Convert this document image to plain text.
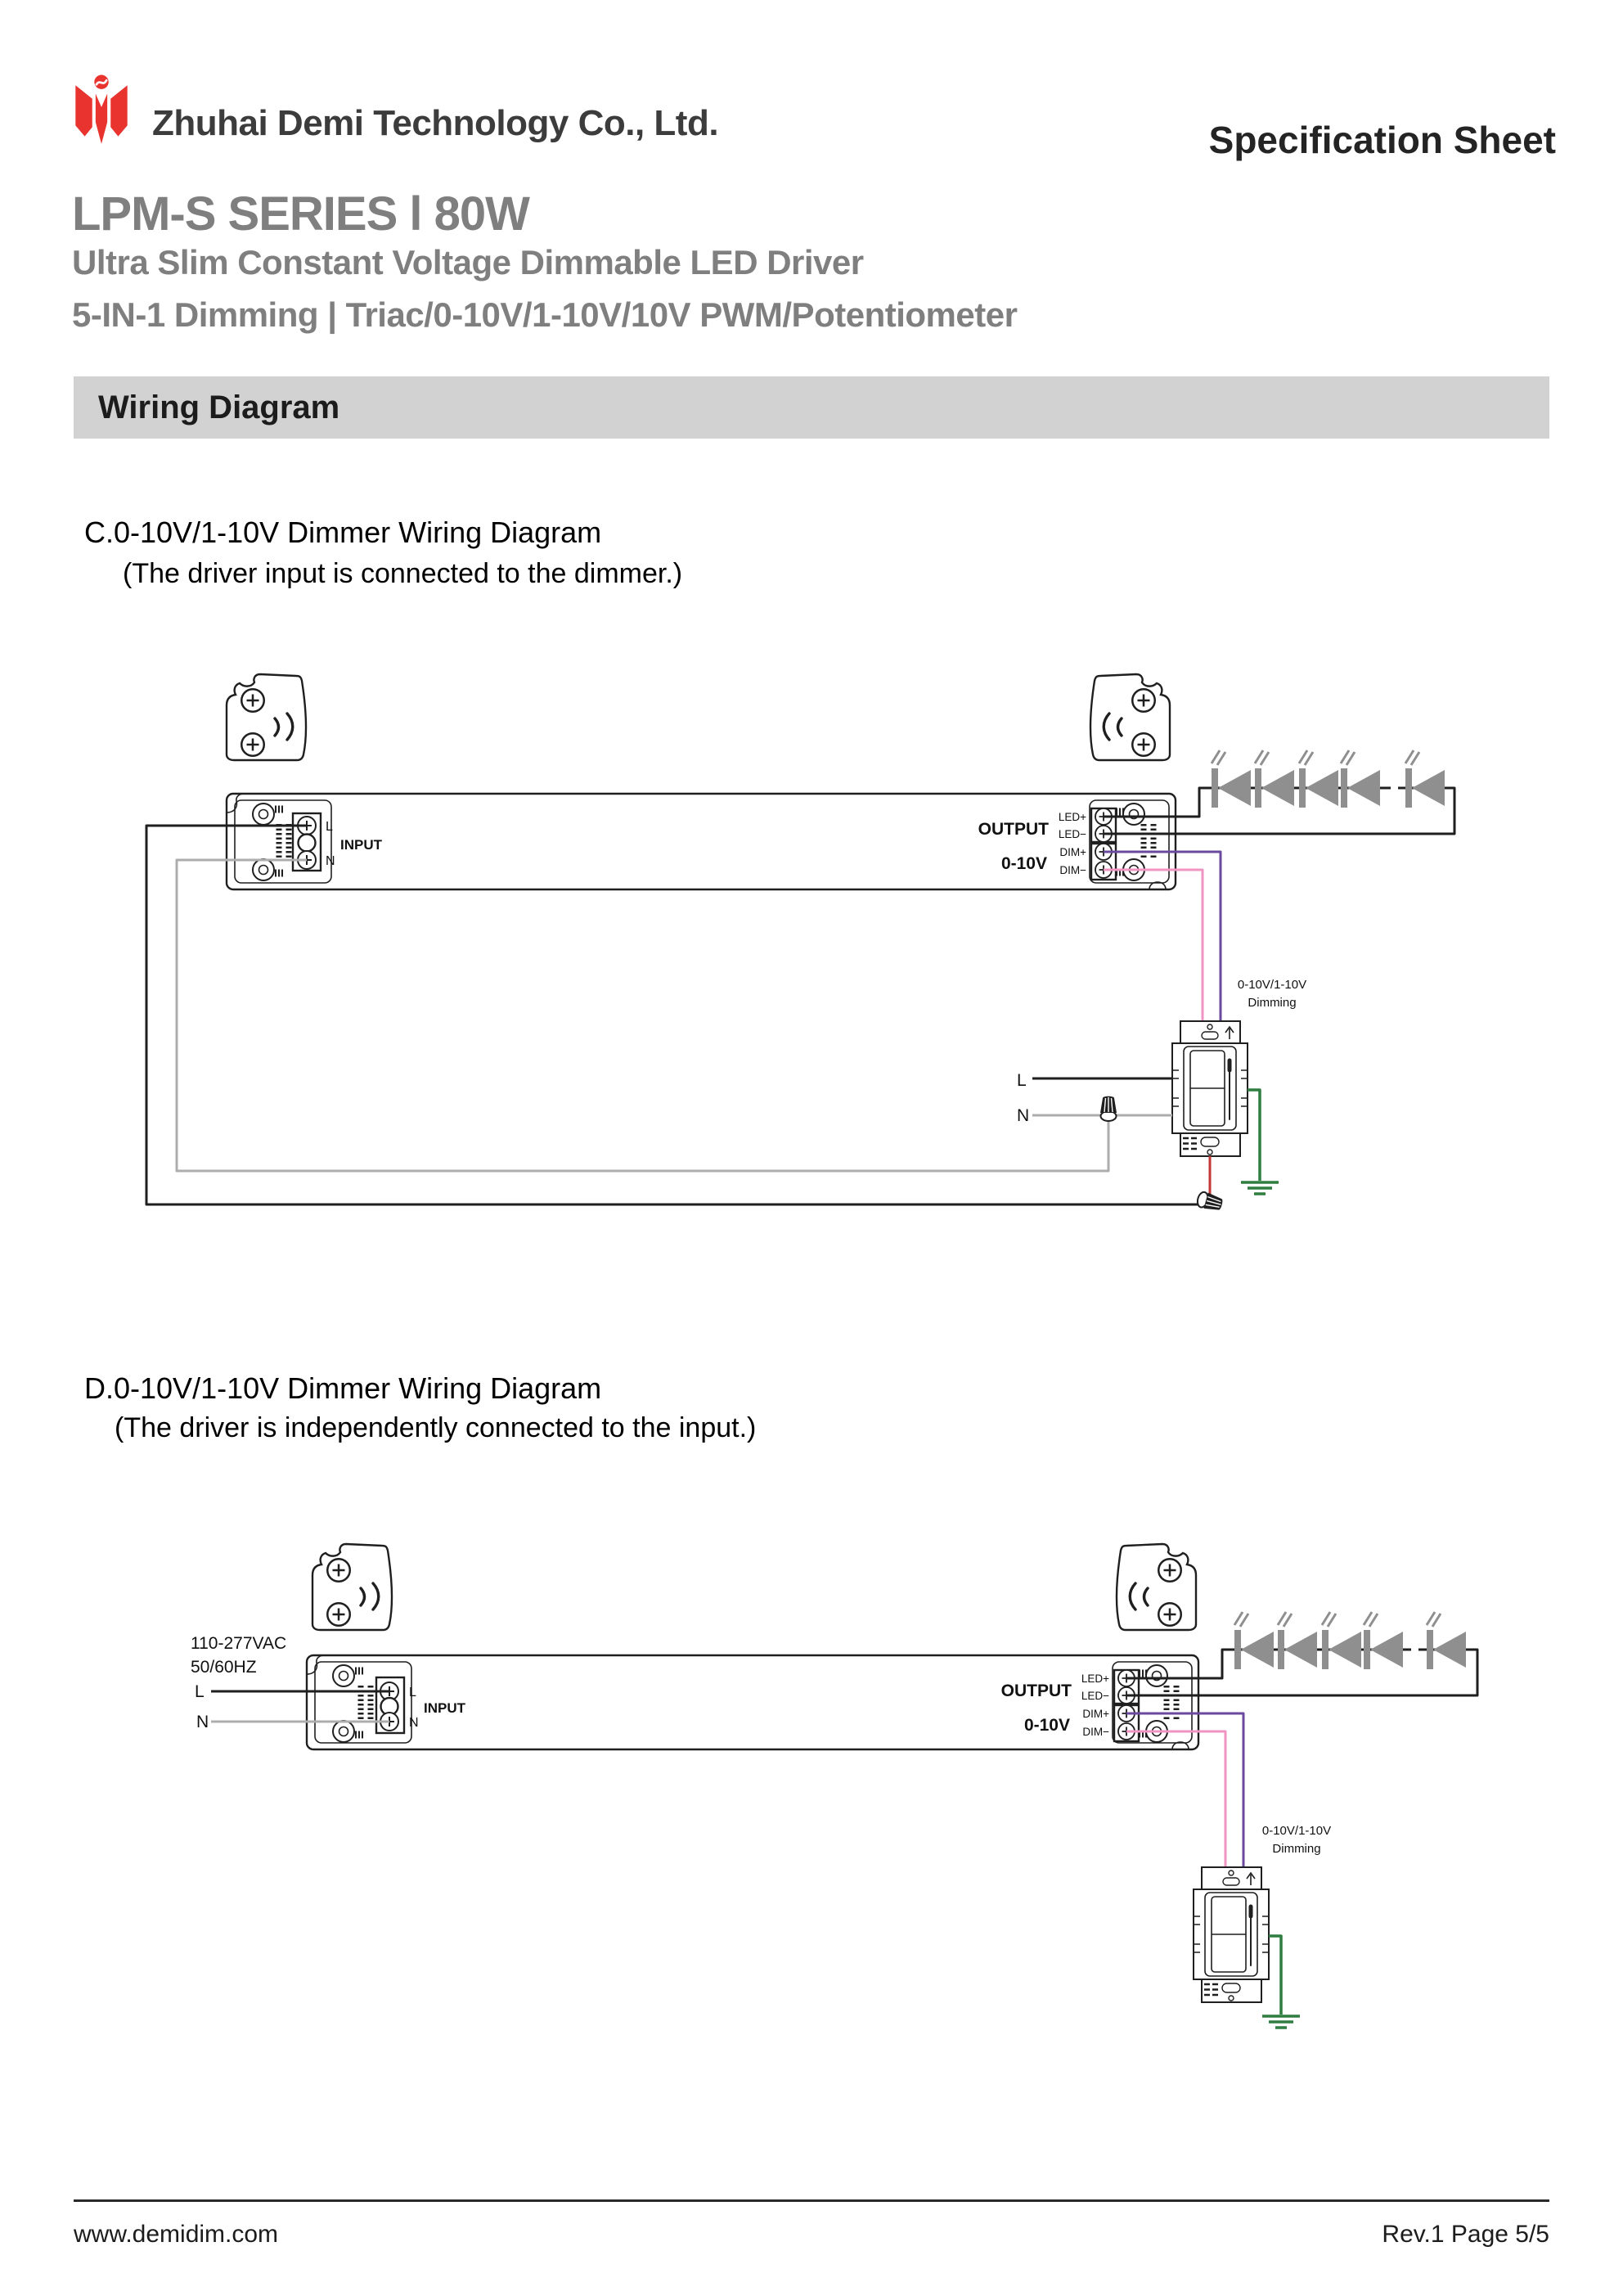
Zhuhai Demi Technology Co., Ltd.	Specification Sheet
LPM-S SERIES l 80W
Ultra Slim Constant Voltage Dimmable LED Driver
5-IN-1 Dimming | Triac/0-10V/1-10V/10V PWM/Potentiometer
Wiring Diagram
C.0-10V/1-10V Dimmer Wiring Diagram
(The driver input is connected to the dimmer.)
L
N
INPUT
OUTPUT
0-10V
LED+
LED−
DIM+
DIM−
0-10V/1-10V
Dimming
L
N
D.0-10V/1-10V Dimmer Wiring Diagram
(The driver is independently connected to the input.)
110-277VAC
50/60HZ
L
N
L
N
INPUT
OUTPUT
0-10V
LED+
LED−
DIM+
DIM−
0-10V/1-10V
Dimming
www.demidim.com	Rev.1 Page 5/5
